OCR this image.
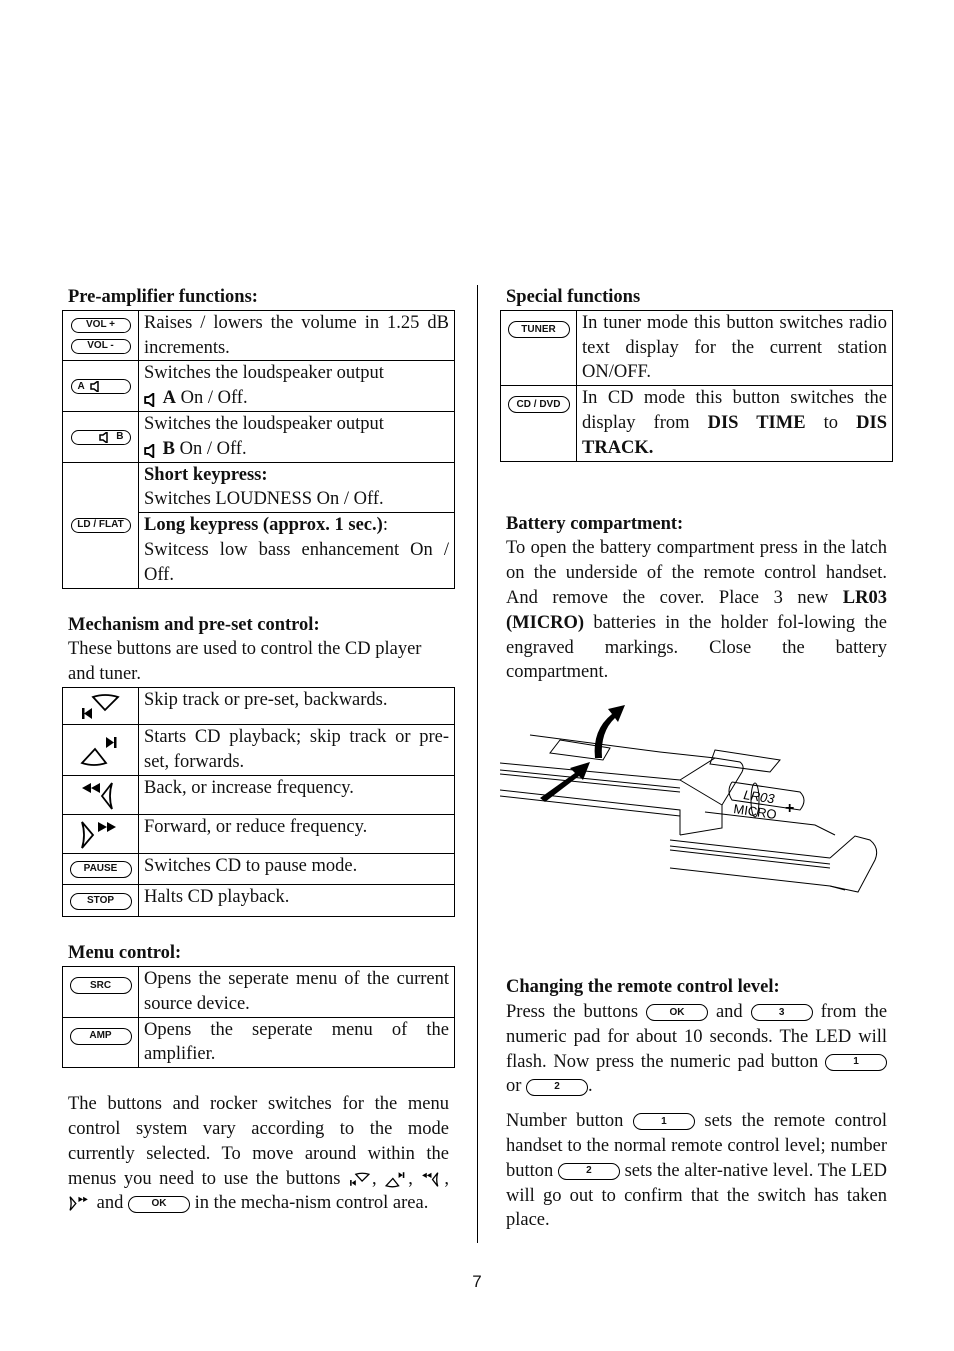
Pre-amplifier functions:
VOL +
VOL -	Raises / lowers the volume in 1.25 dB increments.

A	Switches the loudspeaker output
A On / Off.

B	Switches the loudspeaker output
B On / Off.
LD / FLAT	Short keypress:
Switches LOUDNESS On / Off.

	Long keypress (approx. 1 sec.):
Switcess low bass enhancement On / Off.
Mechanism and pre-set control:

These buttons are used to control the CD player and tuner.

	Skip track or pre-set, backwards.
	Starts CD playback; skip track or pre-set, forwards.
	Back, or increase frequency.
	Forward, or reduce frequency.
PAUSE	Switches CD to pause mode.
STOP	Halts CD playback.
Menu control:
SRC	Opens the seperate menu of the current source device.
AMP	Opens the seperate menu of the amplifier.

The buttons and rocker switches for the menu control system vary according to the mode currently selected. To move around within the menus you need to use the buttons , , ,  and	OK in the mecha-nism control area.

Special functions
TUNER	In tuner mode this button switches radio text display for the current station ON/OFF.
CD / DVD	In CD mode this button switches the display from DIS TIME to DIS TRACK.
Battery compartment:

To open the battery compartment press in the latch on the underside of the remote control handset. And remove the cover. Place 3 new LR03 (MICRO) batteries in the holder fol-lowing the engraved markings. Close the battery compartment.

LR03
MICRO +
Changing the remote control level:

Press the buttons	OK and	3 from the numeric pad for about 10 seconds. The LED will flash. Now press the numeric pad button	1 or	2 .

Number button	1 sets the remote control handset to the normal remote control level; number button	2 sets the alter-native level. The LED will go out to confirm that the switch has taken place.

7
